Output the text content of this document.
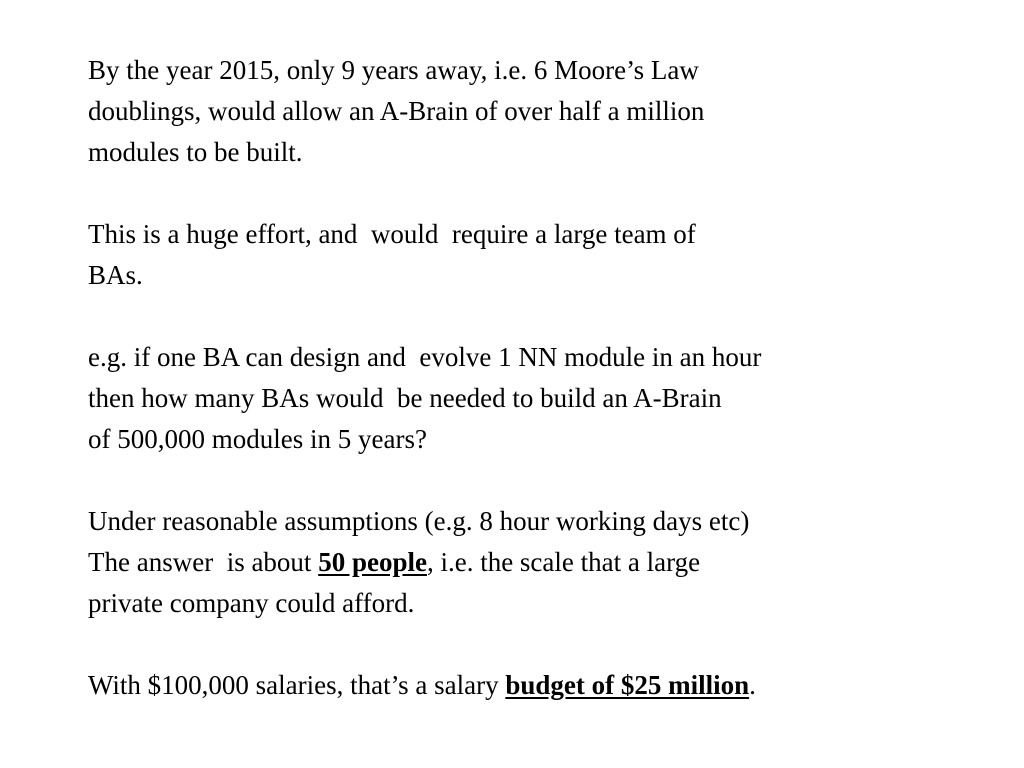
By the year 2015, only 9 years away, i.e. 6 Moore’s Law
doublings, would allow an A-Brain of over half a million
modules to be built.

This is a huge effort, and  would  require a large team of
BAs.

e.g. if one BA can design and  evolve 1 NN module in an hour
then how many BAs would  be needed to build an A-Brain
of 500,000 modules in 5 years?

Under reasonable assumptions (e.g. 8 hour working days etc)
The answer  is about 50 people, i.e. the scale that a large
private company could afford.

With $100,000 salaries, that’s a salary budget of $25 million.
